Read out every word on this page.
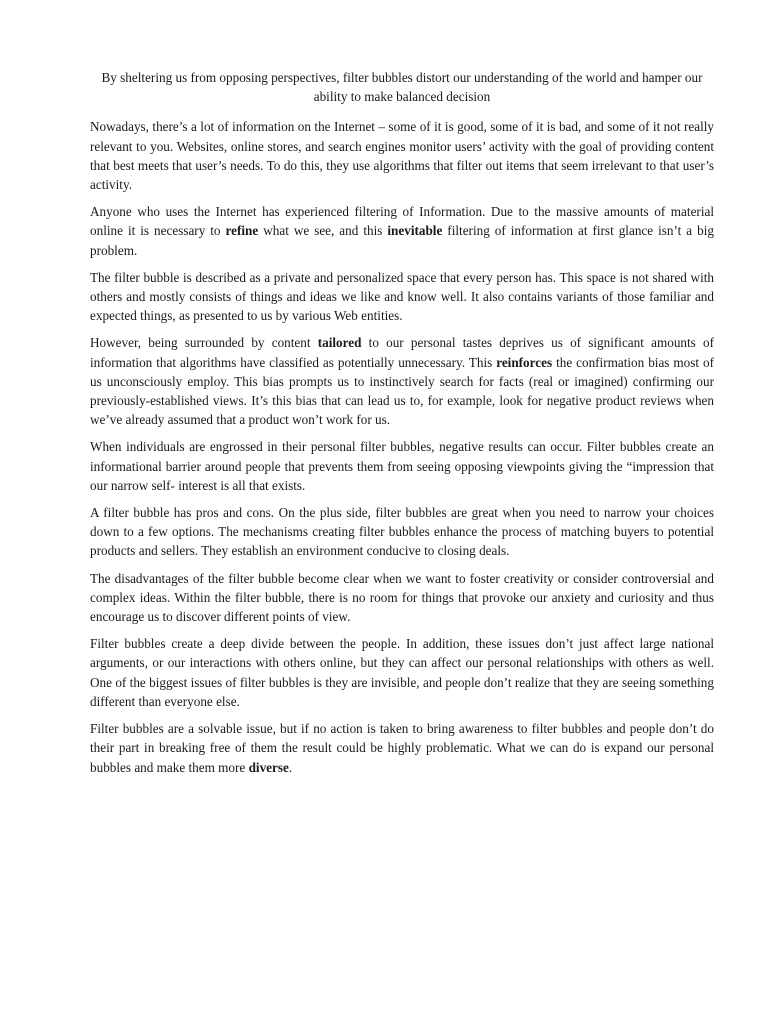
By sheltering us from opposing perspectives, filter bubbles distort our understanding of the world and hamper our ability to make balanced decision

Nowadays, there’s a lot of information on the Internet – some of it is good, some of it is bad, and some of it not really relevant to you. Websites, online stores, and search engines monitor users’ activity with the goal of providing content that best meets that user’s needs. To do this, they use algorithms that filter out items that seem irrelevant to that user’s activity.

Anyone who uses the Internet has experienced filtering of Information. Due to the massive amounts of material online it is necessary to refine what we see, and this inevitable filtering of information at first glance isn’t a big problem.

The filter bubble is described as a private and personalized space that every person has. This space is not shared with others and mostly consists of things and ideas we like and know well. It also contains variants of those familiar and expected things, as presented to us by various Web entities.

However, being surrounded by content tailored to our personal tastes deprives us of significant amounts of information that algorithms have classified as potentially unnecessary. This reinforces the confirmation bias most of us unconsciously employ. This bias prompts us to instinctively search for facts (real or imagined) confirming our previously-established views. It’s this bias that can lead us to, for example, look for negative product reviews when we’ve already assumed that a product won’t work for us.

When individuals are engrossed in their personal filter bubbles, negative results can occur. Filter bubbles create an informational barrier around people that prevents them from seeing opposing viewpoints giving the “impression that our narrow self- interest is all that exists.

A filter bubble has pros and cons. On the plus side, filter bubbles are great when you need to narrow your choices down to a few options. The mechanisms creating filter bubbles enhance the process of matching buyers to potential products and sellers. They establish an environment conducive to closing deals.

The disadvantages of the filter bubble become clear when we want to foster creativity or consider controversial and complex ideas. Within the filter bubble, there is no room for things that provoke our anxiety and curiosity and thus encourage us to discover different points of view.

Filter bubbles create a deep divide between the people. In addition, these issues don’t just affect large national arguments, or our interactions with others online, but they can affect our personal relationships with others as well. One of the biggest issues of filter bubbles is they are invisible, and people don’t realize that they are seeing something different than everyone else.

Filter bubbles are a solvable issue, but if no action is taken to bring awareness to filter bubbles and people don’t do their part in breaking free of them the result could be highly problematic. What we can do is expand our personal bubbles and make them more diverse.
